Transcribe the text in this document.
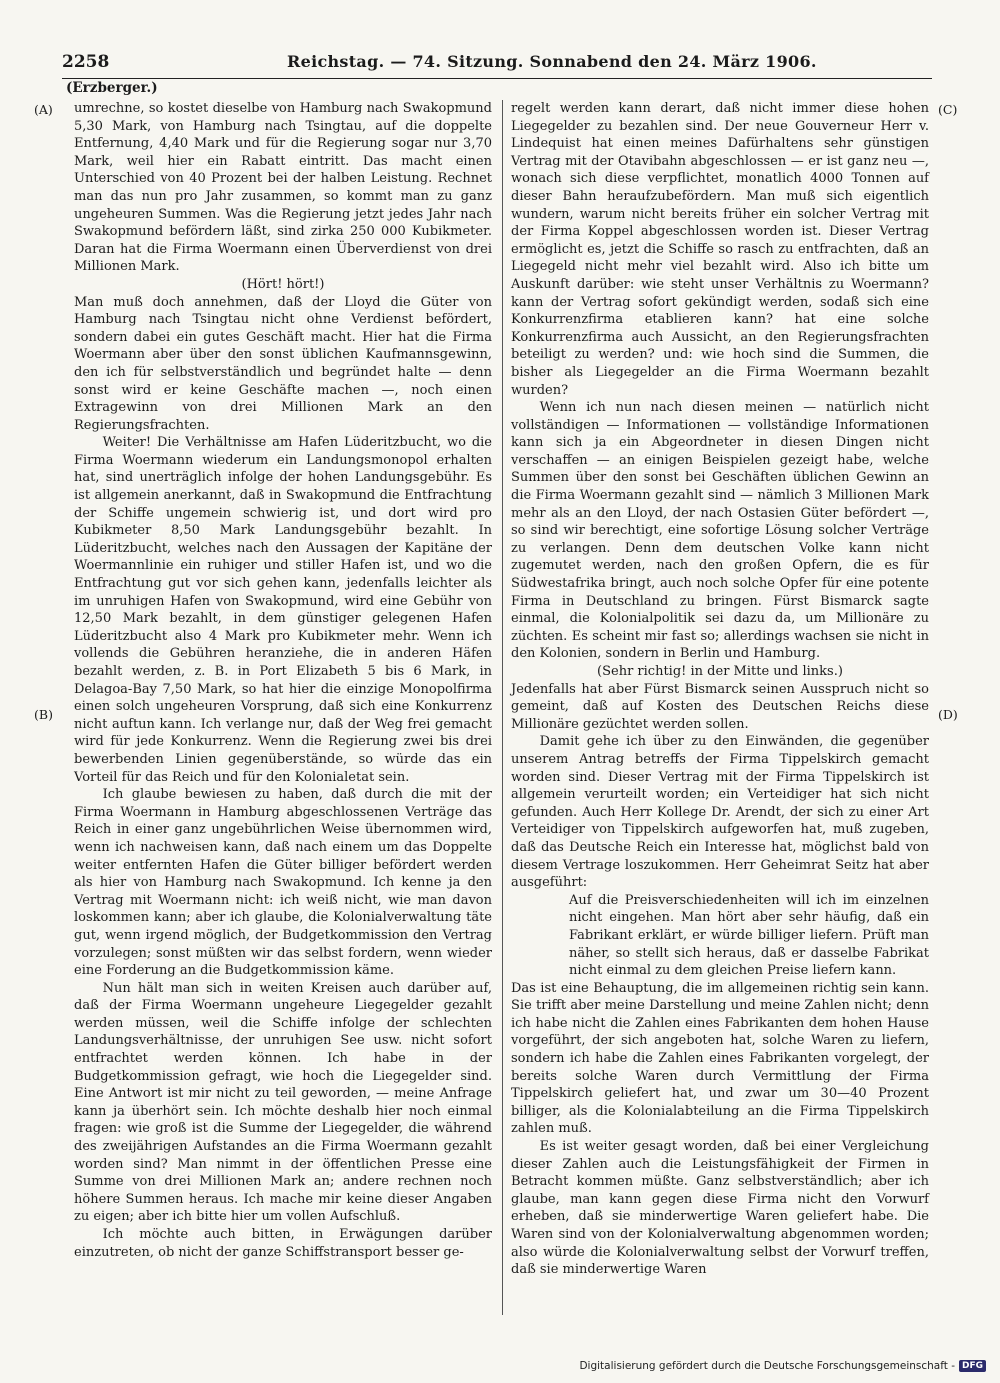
2258	Reichstag. — 74. Sitzung. Sonnabend den 24. März 1906.
(Erzberger.)
(A)
(B)
(C)
(D)

umrechne, so kostet dieselbe von Hamburg nach Swakopmund 5,30 Mark, von Hamburg nach Tsingtau, auf die doppelte Entfernung, 4,40 Mark und für die Regierung sogar nur 3,70 Mark, weil hier ein Rabatt eintritt. Das macht einen Unterschied von 40 Prozent bei der halben Leistung. Rechnet man das nun pro Jahr zusammen, so kommt man zu ganz ungeheuren Summen. Was die Regierung jetzt jedes Jahr nach Swakopmund befördern läßt, sind zirka 250 000 Kubikmeter. Daran hat die Firma Woermann einen Überverdienst von drei Millionen Mark.

(Hört! hört!)

Man muß doch annehmen, daß der Lloyd die Güter von Hamburg nach Tsingtau nicht ohne Verdienst befördert, sondern dabei ein gutes Geschäft macht. Hier hat die Firma Woermann aber über den sonst üblichen Kaufmannsgewinn, den ich für selbstverständlich und begründet halte — denn sonst wird er keine Geschäfte machen —, noch einen Extragewinn von drei Millionen Mark an den Regierungsfrachten.

Weiter! Die Verhältnisse am Hafen Lüderitzbucht, wo die Firma Woermann wiederum ein Landungsmonopol erhalten hat, sind unerträglich infolge der hohen Landungsgebühr. Es ist allgemein anerkannt, daß in Swakopmund die Entfrachtung der Schiffe ungemein schwierig ist, und dort wird pro Kubikmeter 8,50 Mark Landungsgebühr bezahlt. In Lüderitzbucht, welches nach den Aussagen der Kapitäne der Woermannlinie ein ruhiger und stiller Hafen ist, und wo die Entfrachtung gut vor sich gehen kann, jedenfalls leichter als im unruhigen Hafen von Swakopmund, wird eine Gebühr von 12,50 Mark bezahlt, in dem günstiger gelegenen Hafen Lüderitzbucht also 4 Mark pro Kubikmeter mehr. Wenn ich vollends die Gebühren heranziehe, die in anderen Häfen bezahlt werden, z. B. in Port Elizabeth 5 bis 6 Mark, in Delagoa-Bay 7,50 Mark, so hat hier die einzige Monopolfirma einen solch ungeheuren Vorsprung, daß sich eine Konkurrenz nicht auftun kann. Ich verlange nur, daß der Weg frei gemacht wird für jede Konkurrenz. Wenn die Regierung zwei bis drei bewerbenden Linien gegenüberstände, so würde das ein Vorteil für das Reich und für den Kolonialetat sein.

Ich glaube bewiesen zu haben, daß durch die mit der Firma Woermann in Hamburg abgeschlossenen Verträge das Reich in einer ganz ungebührlichen Weise übernommen wird, wenn ich nachweisen kann, daß nach einem um das Doppelte weiter entfernten Hafen die Güter billiger befördert werden als hier von Hamburg nach Swakopmund. Ich kenne ja den Vertrag mit Woermann nicht: ich weiß nicht, wie man davon loskommen kann; aber ich glaube, die Kolonialverwaltung täte gut, wenn irgend möglich, der Budgetkommission den Vertrag vorzulegen; sonst müßten wir das selbst fordern, wenn wieder eine Forderung an die Budgetkommission käme.

Nun hält man sich in weiten Kreisen auch darüber auf, daß der Firma Woermann ungeheure Liegegelder gezahlt werden müssen, weil die Schiffe infolge der schlechten Landungsverhältnisse, der unruhigen See usw. nicht sofort entfrachtet werden können. Ich habe in der Budgetkommission gefragt, wie hoch die Liegegelder sind. Eine Antwort ist mir nicht zu teil geworden, — meine Anfrage kann ja überhört sein. Ich möchte deshalb hier noch einmal fragen: wie groß ist die Summe der Liegegelder, die während des zweijährigen Aufstandes an die Firma Woermann gezahlt worden sind? Man nimmt in der öffentlichen Presse eine Summe von drei Millionen Mark an; andere rechnen noch höhere Summen heraus. Ich mache mir keine dieser Angaben zu eigen; aber ich bitte hier um vollen Aufschluß.

Ich möchte auch bitten, in Erwägungen darüber einzutreten, ob nicht der ganze Schiffstransport besser ge-

regelt werden kann derart, daß nicht immer diese hohen Liegegelder zu bezahlen sind. Der neue Gouverneur Herr v. Lindequist hat einen meines Dafürhaltens sehr günstigen Vertrag mit der Otavibahn abgeschlossen — er ist ganz neu —, wonach sich diese verpflichtet, monatlich 4000 Tonnen auf dieser Bahn heraufzubefördern. Man muß sich eigentlich wundern, warum nicht bereits früher ein solcher Vertrag mit der Firma Koppel abgeschlossen worden ist. Dieser Vertrag ermöglicht es, jetzt die Schiffe so rasch zu entfrachten, daß an Liegegeld nicht mehr viel bezahlt wird. Also ich bitte um Auskunft darüber: wie steht unser Verhältnis zu Woermann? kann der Vertrag sofort gekündigt werden, sodaß sich eine Konkurrenzfirma etablieren kann? hat eine solche Konkurrenzfirma auch Aussicht, an den Regierungsfrachten beteiligt zu werden? und: wie hoch sind die Summen, die bisher als Liegegelder an die Firma Woermann bezahlt wurden?

Wenn ich nun nach diesen meinen — natürlich nicht vollständigen — Informationen — vollständige Informationen kann sich ja ein Abgeordneter in diesen Dingen nicht verschaffen — an einigen Beispielen gezeigt habe, welche Summen über den sonst bei Geschäften üblichen Gewinn an die Firma Woermann gezahlt sind — nämlich 3 Millionen Mark mehr als an den Lloyd, der nach Ostasien Güter befördert —, so sind wir berechtigt, eine sofortige Lösung solcher Verträge zu verlangen. Denn dem deutschen Volke kann nicht zugemutet werden, nach den großen Opfern, die es für Südwestafrika bringt, auch noch solche Opfer für eine potente Firma in Deutschland zu bringen. Fürst Bismarck sagte einmal, die Kolonialpolitik sei dazu da, um Millionäre zu züchten. Es scheint mir fast so; allerdings wachsen sie nicht in den Kolonien, sondern in Berlin und Hamburg.

(Sehr richtig! in der Mitte und links.)

Jedenfalls hat aber Fürst Bismarck seinen Ausspruch nicht so gemeint, daß auf Kosten des Deutschen Reichs diese Millionäre gezüchtet werden sollen.

Damit gehe ich über zu den Einwänden, die gegenüber unserem Antrag betreffs der Firma Tippelskirch gemacht worden sind. Dieser Vertrag mit der Firma Tippelskirch ist allgemein verurteilt worden; ein Verteidiger hat sich nicht gefunden. Auch Herr Kollege Dr. Arendt, der sich zu einer Art Verteidiger von Tippelskirch aufgeworfen hat, muß zugeben, daß das Deutsche Reich ein Interesse hat, möglichst bald von diesem Vertrage loszukommen. Herr Geheimrat Seitz hat aber ausgeführt:

Auf die Preisverschiedenheiten will ich im einzelnen nicht eingehen. Man hört aber sehr häufig, daß ein Fabrikant erklärt, er würde billiger liefern. Prüft man näher, so stellt sich heraus, daß er dasselbe Fabrikat nicht einmal zu dem gleichen Preise liefern kann.

Das ist eine Behauptung, die im allgemeinen richtig sein kann. Sie trifft aber meine Darstellung und meine Zahlen nicht; denn ich habe nicht die Zahlen eines Fabrikanten dem hohen Hause vorgeführt, der sich angeboten hat, solche Waren zu liefern, sondern ich habe die Zahlen eines Fabrikanten vorgelegt, der bereits solche Waren durch Vermittlung der Firma Tippelskirch geliefert hat, und zwar um 30—40 Prozent billiger, als die Kolonialabteilung an die Firma Tippelskirch zahlen muß.

Es ist weiter gesagt worden, daß bei einer Vergleichung dieser Zahlen auch die Leistungsfähigkeit der Firmen in Betracht kommen müßte. Ganz selbstverständlich; aber ich glaube, man kann gegen diese Firma nicht den Vorwurf erheben, daß sie minderwertige Waren geliefert habe. Die Waren sind von der Kolonialverwaltung abgenommen worden; also würde die Kolonialverwaltung selbst der Vorwurf treffen, daß sie minderwertige Waren

Digitalisierung gefördert durch die Deutsche Forschungsgemeinschaft - DFG
